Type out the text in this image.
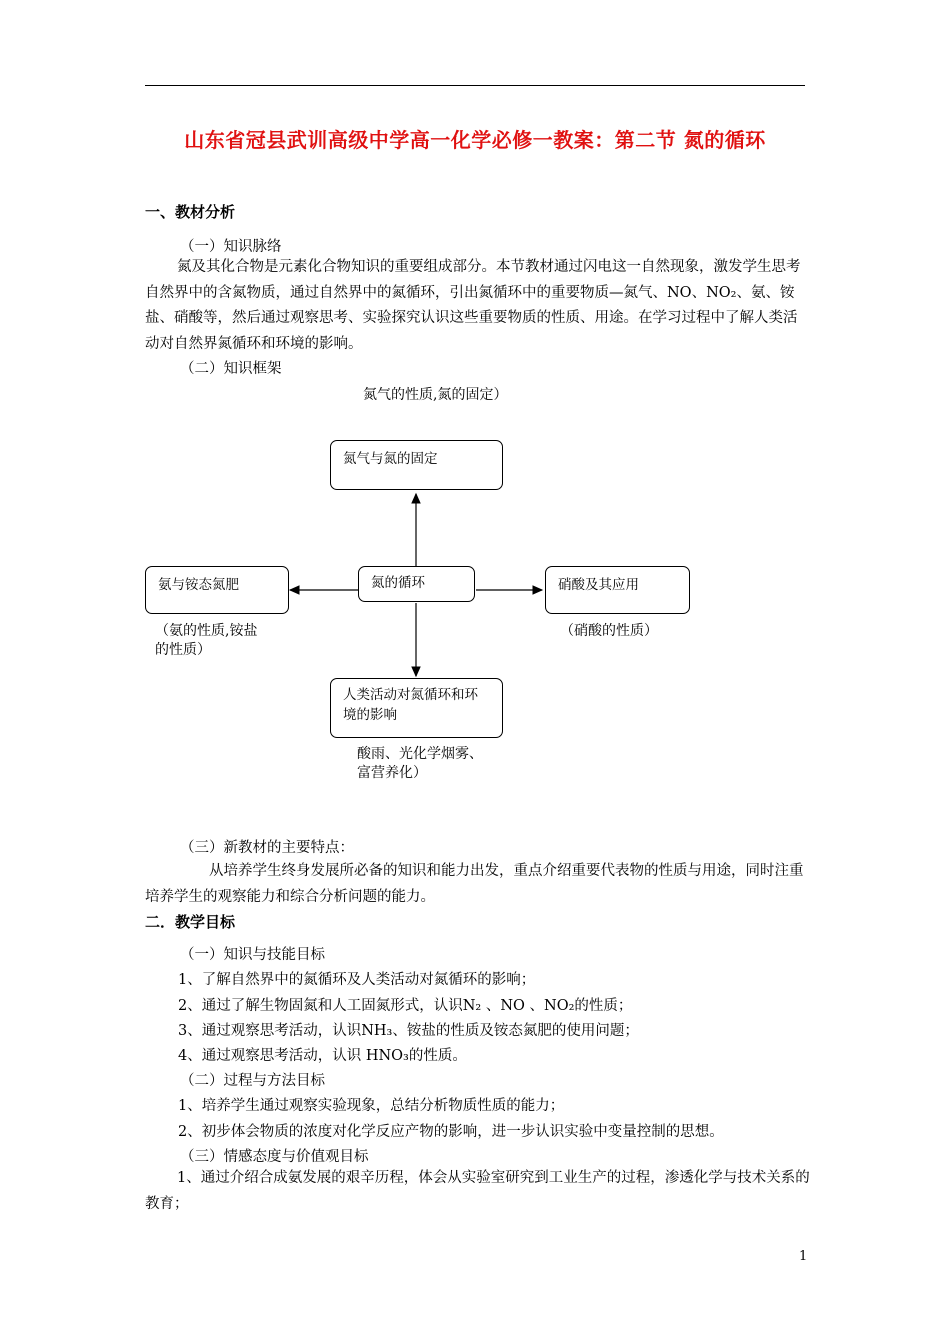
山东省冠县武训高级中学高一化学必修一教案：第二节 氮的循环
一、教材分析
（一）知识脉络
氮及其化合物是元素化合物知识的重要组成部分。本节教材通过闪电这一自然现象，激发学生思考自然界中的含氮物质，通过自然界中的氮循环，引出氮循环中的重要物质—氮气、NO、NO₂、氨、铵盐、硝酸等，然后通过观察思考、实验探究认识这些重要物质的性质、用途。在学习过程中了解人类活动对自然界氮循环和环境的影响。
（二）知识框架
氮气的性质,氮的固定）
氮气与氮的固定
氨与铵态氮肥	氮的循环	硝酸及其应用
（氨的性质,铵盐的性质）
（硝酸的性质）
人类活动对氮循环和环境的影响
酸雨、光化学烟雾、富营养化）
（三）新教材的主要特点：
从培养学生终身发展所必备的知识和能力出发，重点介绍重要代表物的性质与用途，同时注重培养学生的观察能力和综合分析问题的能力。
二．教学目标
（一）知识与技能目标
1、了解自然界中的氮循环及人类活动对氮循环的影响；
2、通过了解生物固氮和人工固氮形式，认识N₂ 、NO 、NO₂的性质；
3、通过观察思考活动，认识NH₃、铵盐的性质及铵态氮肥的使用问题；
4、通过观察思考活动，认识 HNO₃的性质。
（二）过程与方法目标
1、培养学生通过观察实验现象，总结分析物质性质的能力；
2、初步体会物质的浓度对化学反应产物的影响，进一步认识实验中变量控制的思想。
（三）情感态度与价值观目标
1、通过介绍合成氨发展的艰辛历程，体会从实验室研究到工业生产的过程，渗透化学与技术关系的教育；
1
